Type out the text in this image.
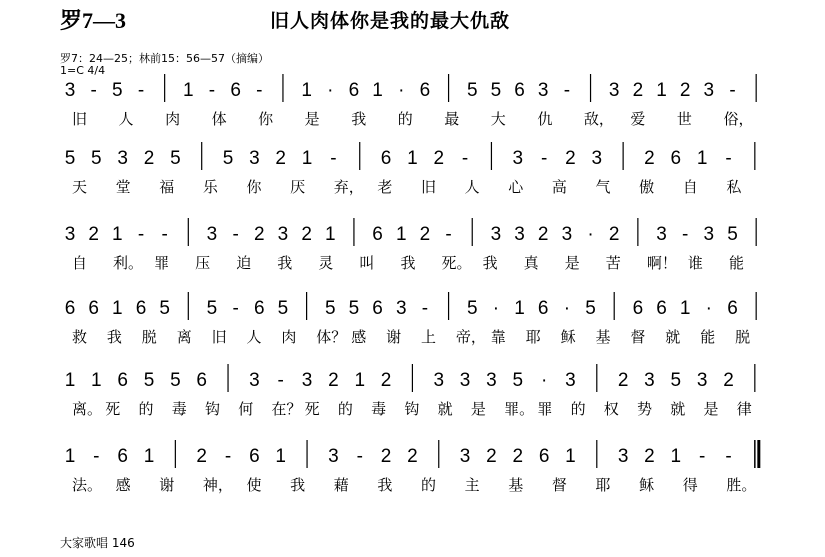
罗7—3	旧人肉体你是我的最大仇敌
罗7：24—25；林前15：56—57（摘编）
1=C 4/4
大家歌唱 146
3 - 5 - 1 - 6 - 1 · 6 1 · 6 5 5 6 3 - 3 2 1 2 3 -
旧 人 肉 体 你 是 我 的 最 大 仇 敌， 爱 世 俗，
5 5 3 2 5 5 3 2 1 - 6 1 2 - 3 - 2 3 2 6 1 -
天 堂 福 乐 你 厌 弃， 老 旧 人 心 高 气 傲 自 私
3 2 1 - - 3 - 2 3 2 1 6 1 2 - 3 3 2 3 · 2 3 - 3 5
自 利。 罪 压 迫 我 灵 叫 我 死。 我 真 是 苦 啊！ 谁 能
6 6 1 6 5 5 - 6 5 5 5 6 3 - 5 · 1 6 · 5 6 6 1 · 6
救 我 脱 离 旧 人 肉 体？ 感 谢 上 帝， 靠 耶 稣 基 督 就 能 脱
1 1 6 5 5 6 3 - 3 2 1 2 3 3 3 5 · 3 2 3 5 3 2
离。 死 的 毒 钩 何 在？ 死 的 毒 钩 就 是 罪。 罪 的 权 势 就 是 律
1 - 6 1 2 - 6 1 3 - 2 2 3 2 2 6 1 3 2 1 - -
法。 感 谢 神， 使 我 藉 我 的 主 基 督 耶 稣 得 胜。
